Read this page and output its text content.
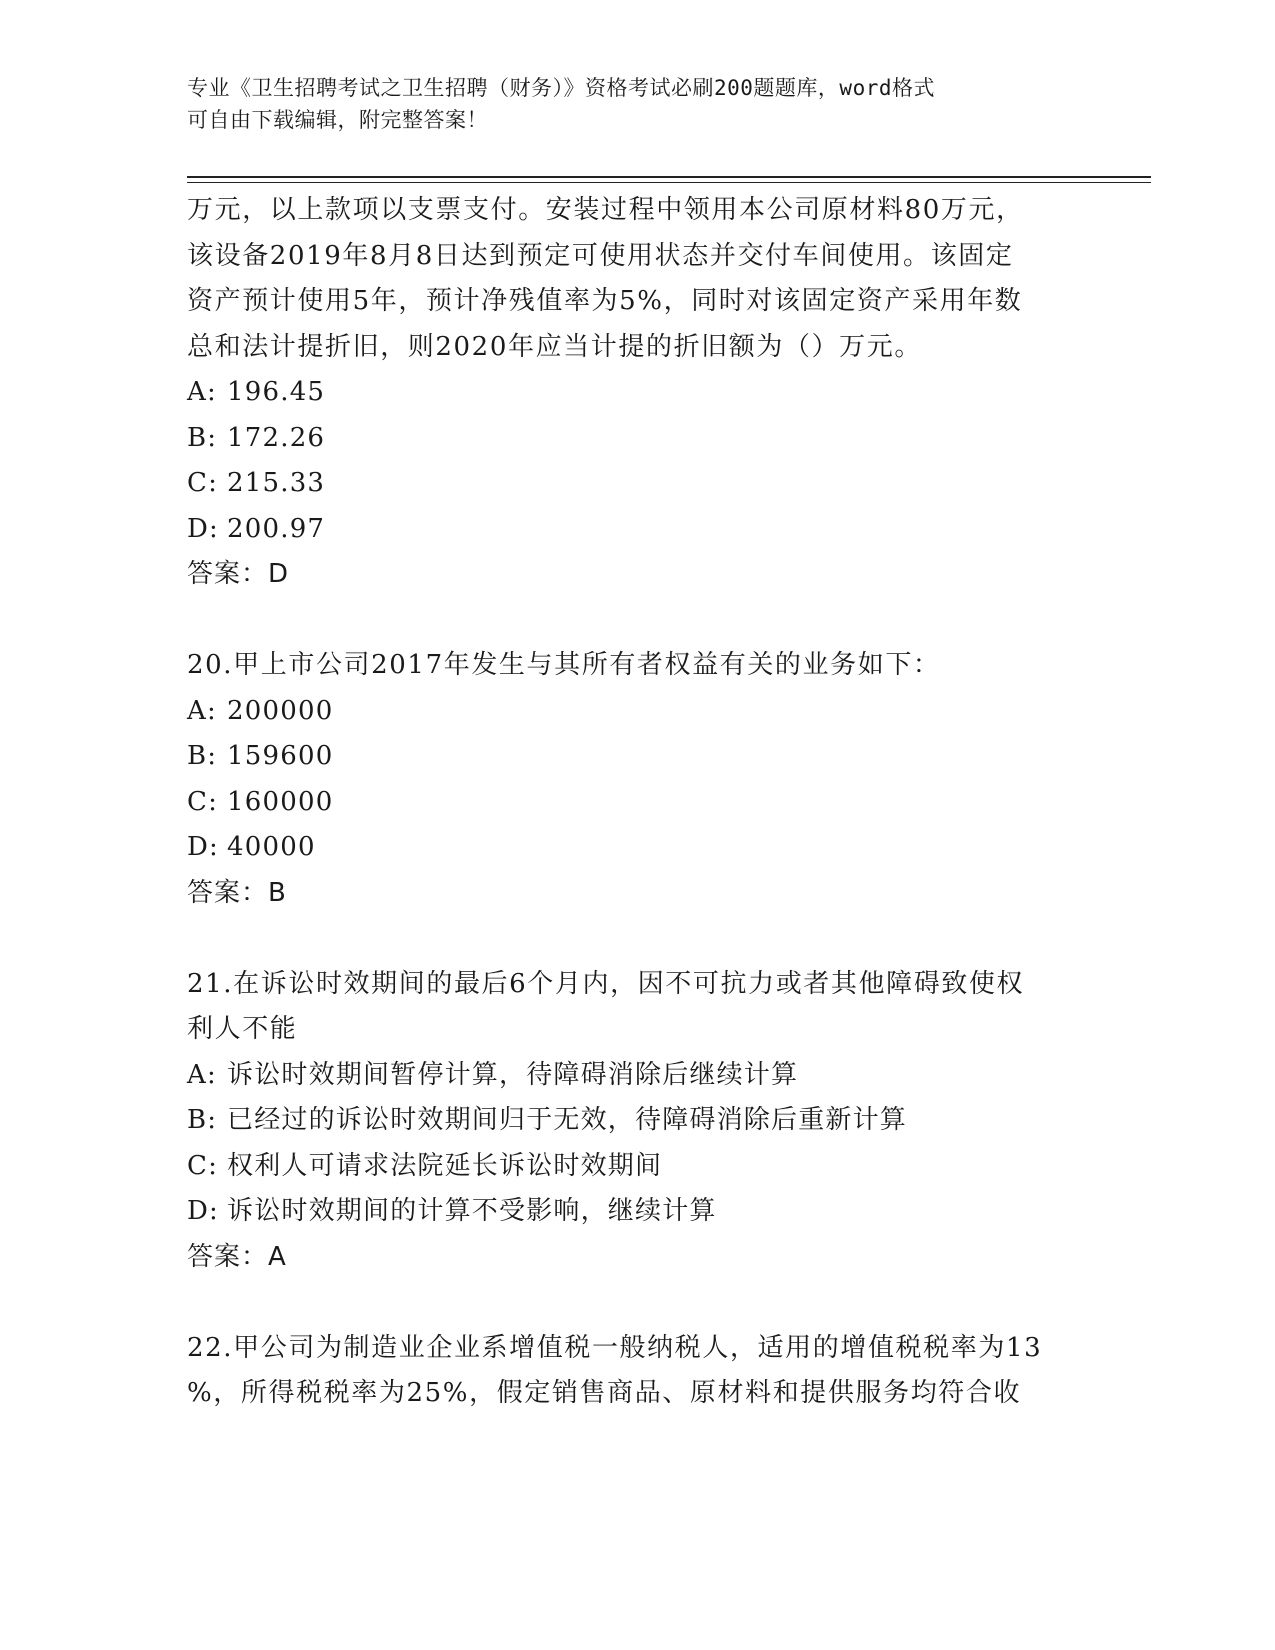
专业《卫生招聘考试之卫生招聘（财务）》资格考试必刷200题题库，word格式
可自由下载编辑，附完整答案！
万元，以上款项以支票支付。安装过程中领用本公司原材料80万元，
该设备2019年8月8日达到预定可使用状态并交付车间使用。该固定
资产预计使用5年，预计净残值率为5%，同时对该固定资产采用年数
总和法计提折旧，则2020年应当计提的折旧额为（）万元。
A: 196.45
B: 172.26
C: 215.33
D: 200.97
答案：D
20.甲上市公司2017年发生与其所有者权益有关的业务如下：
A: 200000
B: 159600
C: 160000
D: 40000
答案：B
21.在诉讼时效期间的最后6个月内，因不可抗力或者其他障碍致使权
利人不能
A: 诉讼时效期间暂停计算，待障碍消除后继续计算
B: 已经过的诉讼时效期间归于无效，待障碍消除后重新计算
C: 权利人可请求法院延长诉讼时效期间
D: 诉讼时效期间的计算不受影响，继续计算
答案：A
22.甲公司为制造业企业系增值税一般纳税人，适用的增值税税率为13
%，所得税税率为25%，假定销售商品、原材料和提供服务均符合收
